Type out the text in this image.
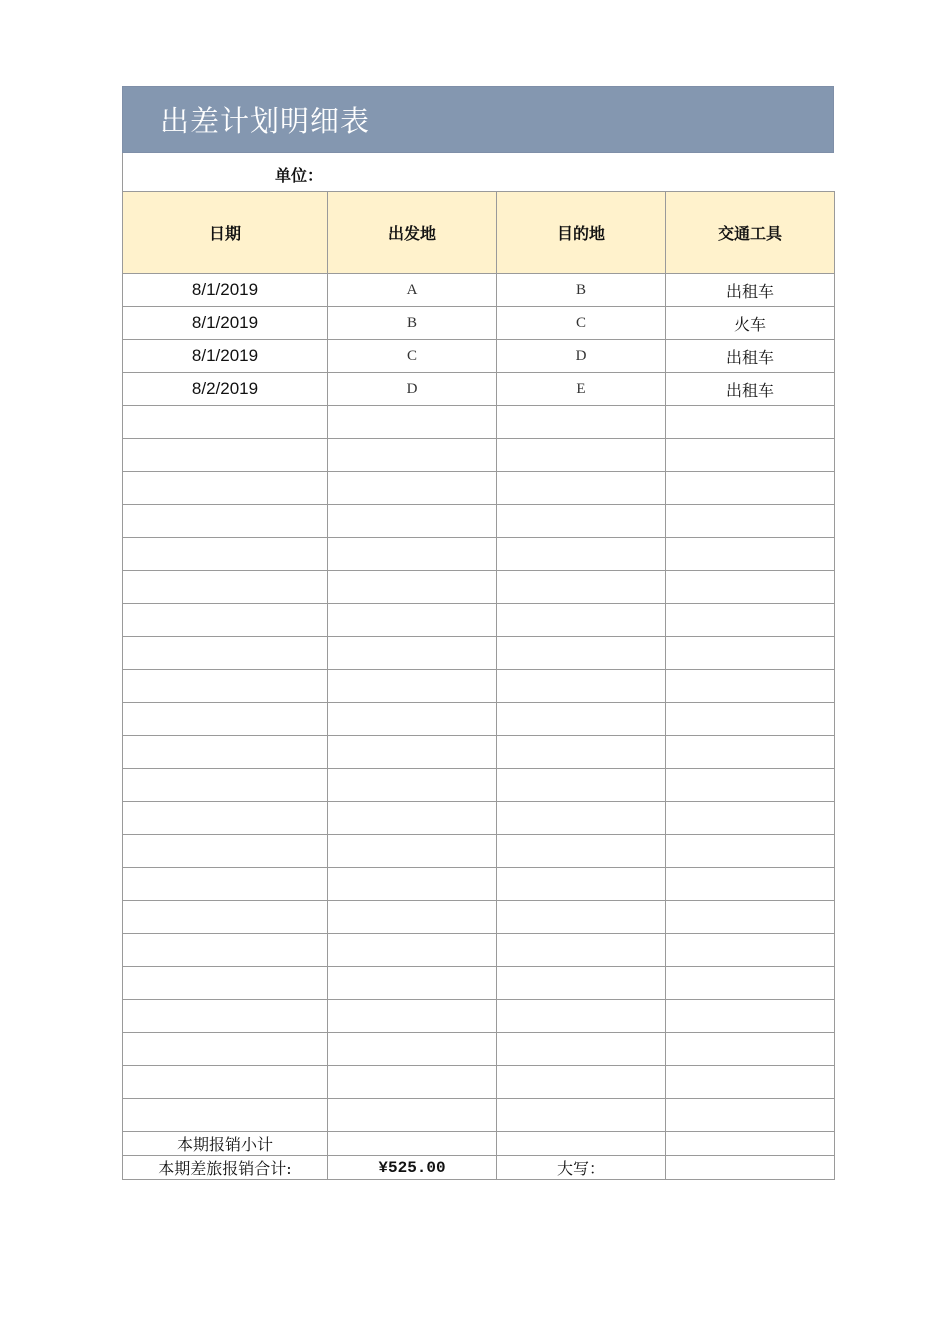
出差计划明细表
单位：
日期	出发地	目的地	交通工具
8/1/2019	A	B	出租车
8/1/2019	B	C	火车
8/1/2019	C	D	出租车
8/2/2019	D	E	出租车

本期报销小计			
本期差旅报销合计:	¥525.00	大写：	
